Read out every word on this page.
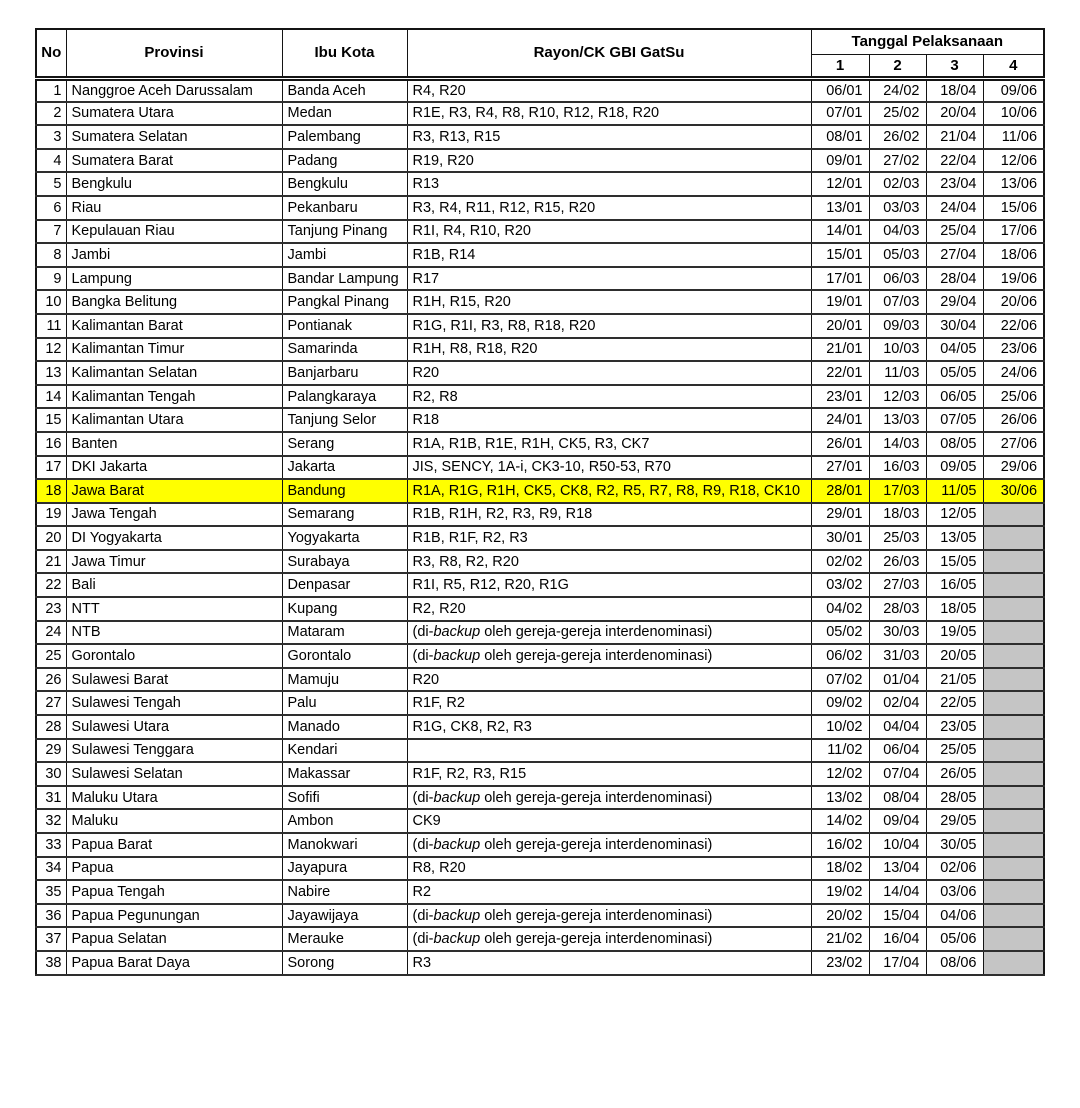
No	Provinsi	Ibu Kota	Rayon/CK GBI GatSu	Tanggal Pelaksanaan			
				1	2	3	4
1	Nanggroe Aceh Darussalam	Banda Aceh	R4, R20	06/01	24/02	18/04	09/06
2	Sumatera Utara	Medan	R1E, R3, R4, R8, R10, R12, R18, R20	07/01	25/02	20/04	10/06
3	Sumatera Selatan	Palembang	R3, R13, R15	08/01	26/02	21/04	11/06
4	Sumatera Barat	Padang	R19, R20	09/01	27/02	22/04	12/06
5	Bengkulu	Bengkulu	R13	12/01	02/03	23/04	13/06
6	Riau	Pekanbaru	R3, R4, R11, R12, R15, R20	13/01	03/03	24/04	15/06
7	Kepulauan Riau	Tanjung Pinang	R1I, R4, R10, R20	14/01	04/03	25/04	17/06
8	Jambi	Jambi	R1B, R14	15/01	05/03	27/04	18/06
9	Lampung	Bandar Lampung	R17	17/01	06/03	28/04	19/06
10	Bangka Belitung	Pangkal Pinang	R1H, R15, R20	19/01	07/03	29/04	20/06
11	Kalimantan Barat	Pontianak	R1G, R1I, R3, R8, R18, R20	20/01	09/03	30/04	22/06
12	Kalimantan Timur	Samarinda	R1H, R8, R18, R20	21/01	10/03	04/05	23/06
13	Kalimantan Selatan	Banjarbaru	R20	22/01	11/03	05/05	24/06
14	Kalimantan Tengah	Palangkaraya	R2, R8	23/01	12/03	06/05	25/06
15	Kalimantan Utara	Tanjung Selor	R18	24/01	13/03	07/05	26/06
16	Banten	Serang	R1A, R1B, R1E, R1H, CK5, R3, CK7	26/01	14/03	08/05	27/06
17	DKI Jakarta	Jakarta	JIS, SENCY, 1A-i, CK3-10, R50-53, R70	27/01	16/03	09/05	29/06
18	Jawa Barat	Bandung	R1A, R1G, R1H, CK5, CK8, R2, R5, R7, R8, R9, R18, CK10	28/01	17/03	11/05	30/06
19	Jawa Tengah	Semarang	R1B, R1H, R2, R3, R9, R18	29/01	18/03	12/05	
20	DI Yogyakarta	Yogyakarta	R1B, R1F, R2, R3	30/01	25/03	13/05	
21	Jawa Timur	Surabaya	R3, R8, R2, R20	02/02	26/03	15/05	
22	Bali	Denpasar	R1I, R5, R12, R20, R1G	03/02	27/03	16/05	
23	NTT	Kupang	R2, R20	04/02	28/03	18/05	
24	NTB	Mataram	(di-backup oleh gereja-gereja interdenominasi)	05/02	30/03	19/05	
25	Gorontalo	Gorontalo	(di-backup oleh gereja-gereja interdenominasi)	06/02	31/03	20/05	
26	Sulawesi Barat	Mamuju	R20	07/02	01/04	21/05	
27	Sulawesi Tengah	Palu	R1F, R2	09/02	02/04	22/05	
28	Sulawesi Utara	Manado	R1G, CK8, R2, R3	10/02	04/04	23/05	
29	Sulawesi Tenggara	Kendari		11/02	06/04	25/05	
30	Sulawesi Selatan	Makassar	R1F, R2, R3, R15	12/02	07/04	26/05	
31	Maluku Utara	Sofifi	(di-backup oleh gereja-gereja interdenominasi)	13/02	08/04	28/05	
32	Maluku	Ambon	CK9	14/02	09/04	29/05	
33	Papua Barat	Manokwari	(di-backup oleh gereja-gereja interdenominasi)	16/02	10/04	30/05	
34	Papua	Jayapura	R8, R20	18/02	13/04	02/06	
35	Papua Tengah	Nabire	R2	19/02	14/04	03/06	
36	Papua Pegunungan	Jayawijaya	(di-backup oleh gereja-gereja interdenominasi)	20/02	15/04	04/06	
37	Papua Selatan	Merauke	(di-backup oleh gereja-gereja interdenominasi)	21/02	16/04	05/06	
38	Papua Barat Daya	Sorong	R3	23/02	17/04	08/06	
